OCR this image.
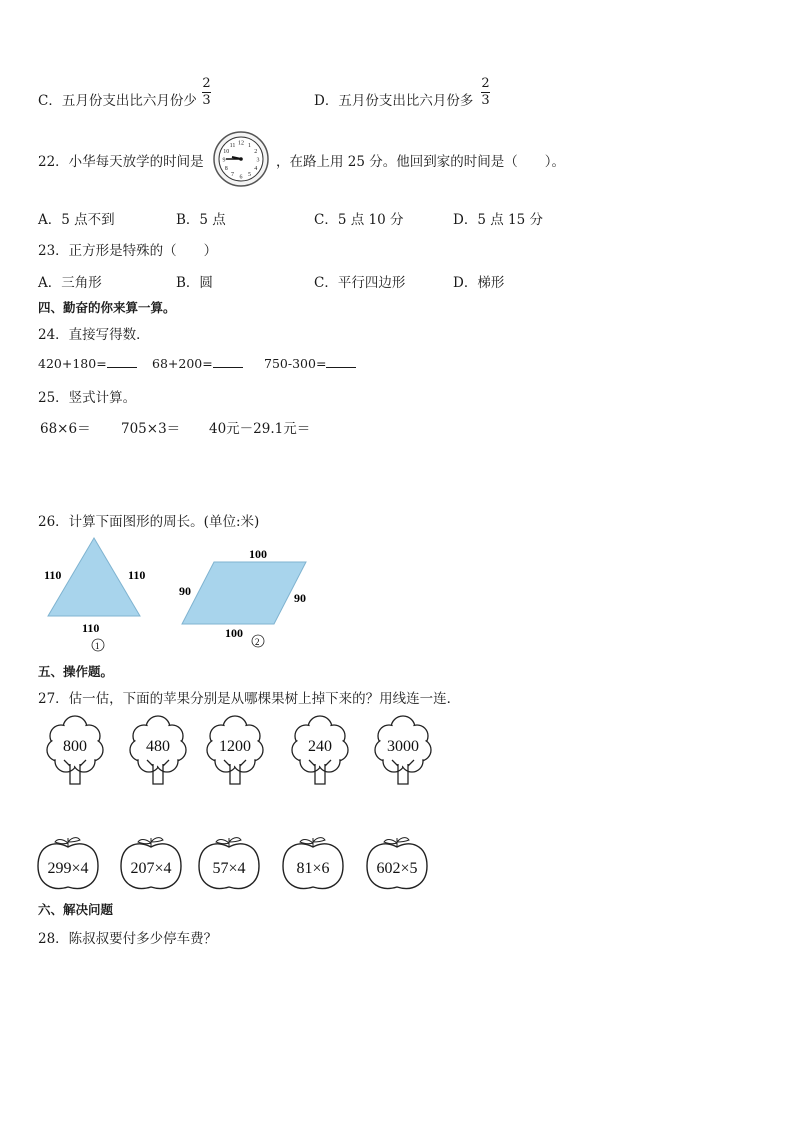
C．五月份支出比六月份少
2
3	D．五月份支出比六月份多
2
3
22．小华每天放学的时间是
12 1
2
3
4
5
6
7
8
9
10
11
，在路上用 25 分。他回到家的时间是（　　）。
A．5 点不到	B．5 点	C．5 点 10 分	D．5 点 15 分
23．正方形是特殊的（　　）
A．三角形	B．圆	C．平行四边形	D．梯形
四、勤奋的你来算一算。
24．直接写得数．
420+180=	68+200=	750-300=
25．竖式计算。
68×6＝ 705×3＝ 40元－29.1元＝
26．计算下面图形的周长。(单位:米)
110	110
110
1
100
90	90
100
2
五、操作题。
27．估一估，下面的苹果分别是从哪棵果树上掉下来的？用线连一连．
800	480	1200	240	3000
299×4	207×4	57×4	81×6	602×5
六、解决问题
28．陈叔叔要付多少停车费？
